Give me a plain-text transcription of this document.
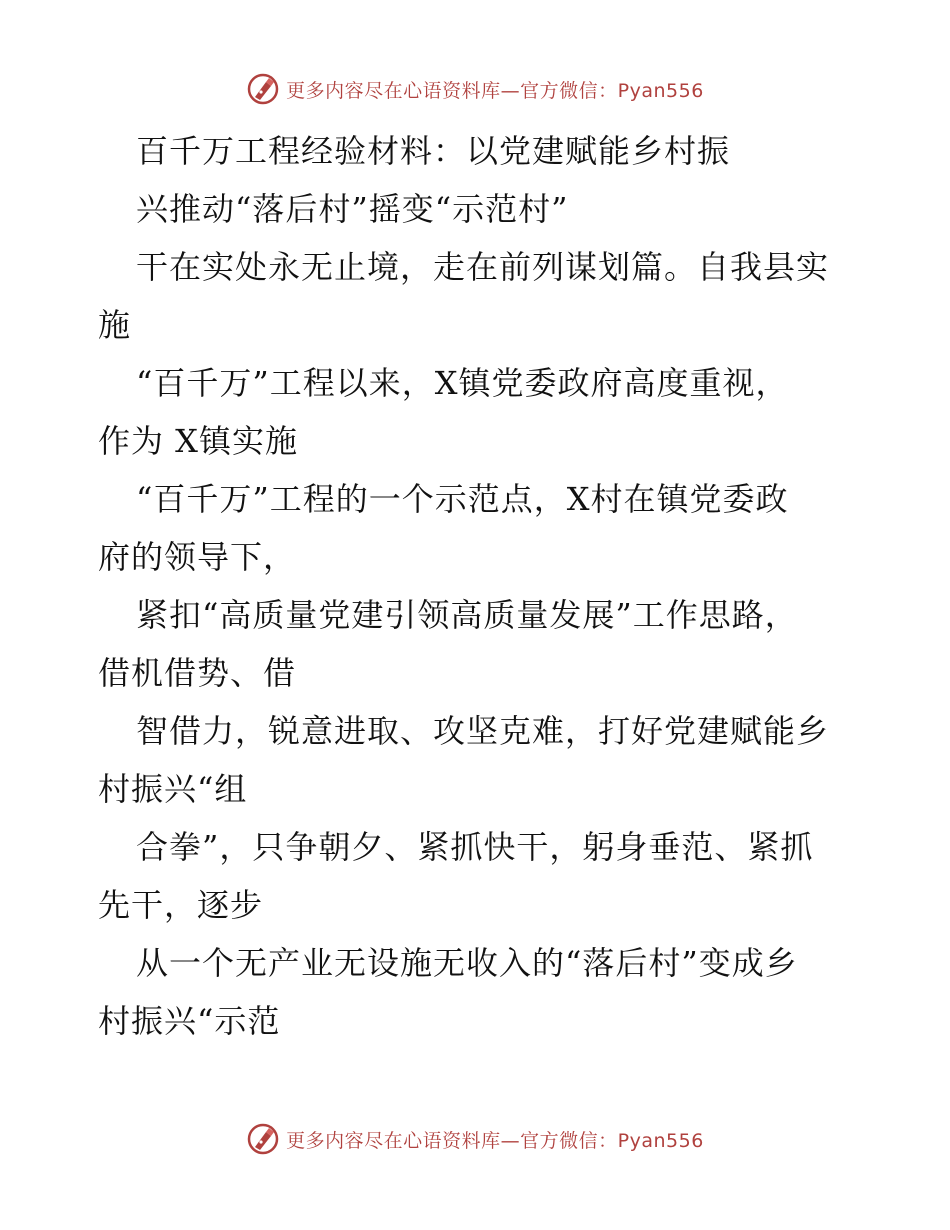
更多内容尽在心语资料库—官方微信：Pyan556
百千万工程经验材料：以党建赋能乡村振
兴推动“落后村”摇变“示范村”
干在实处永无止境，走在前列谋划篇。自我县实
施
“百千万”工程以来，X镇党委政府高度重视，
作为 X镇实施
“百千万”工程的一个示范点，X村在镇党委政
府的领导下，
紧扣“高质量党建引领高质量发展”工作思路，
借机借势、借
智借力，锐意进取、攻坚克难，打好党建赋能乡
村振兴“组
合拳”，只争朝夕、紧抓快干，躬身垂范、紧抓
先干，逐步
从一个无产业无设施无收入的“落后村”变成乡
村振兴“示范
更多内容尽在心语资料库—官方微信：Pyan556
